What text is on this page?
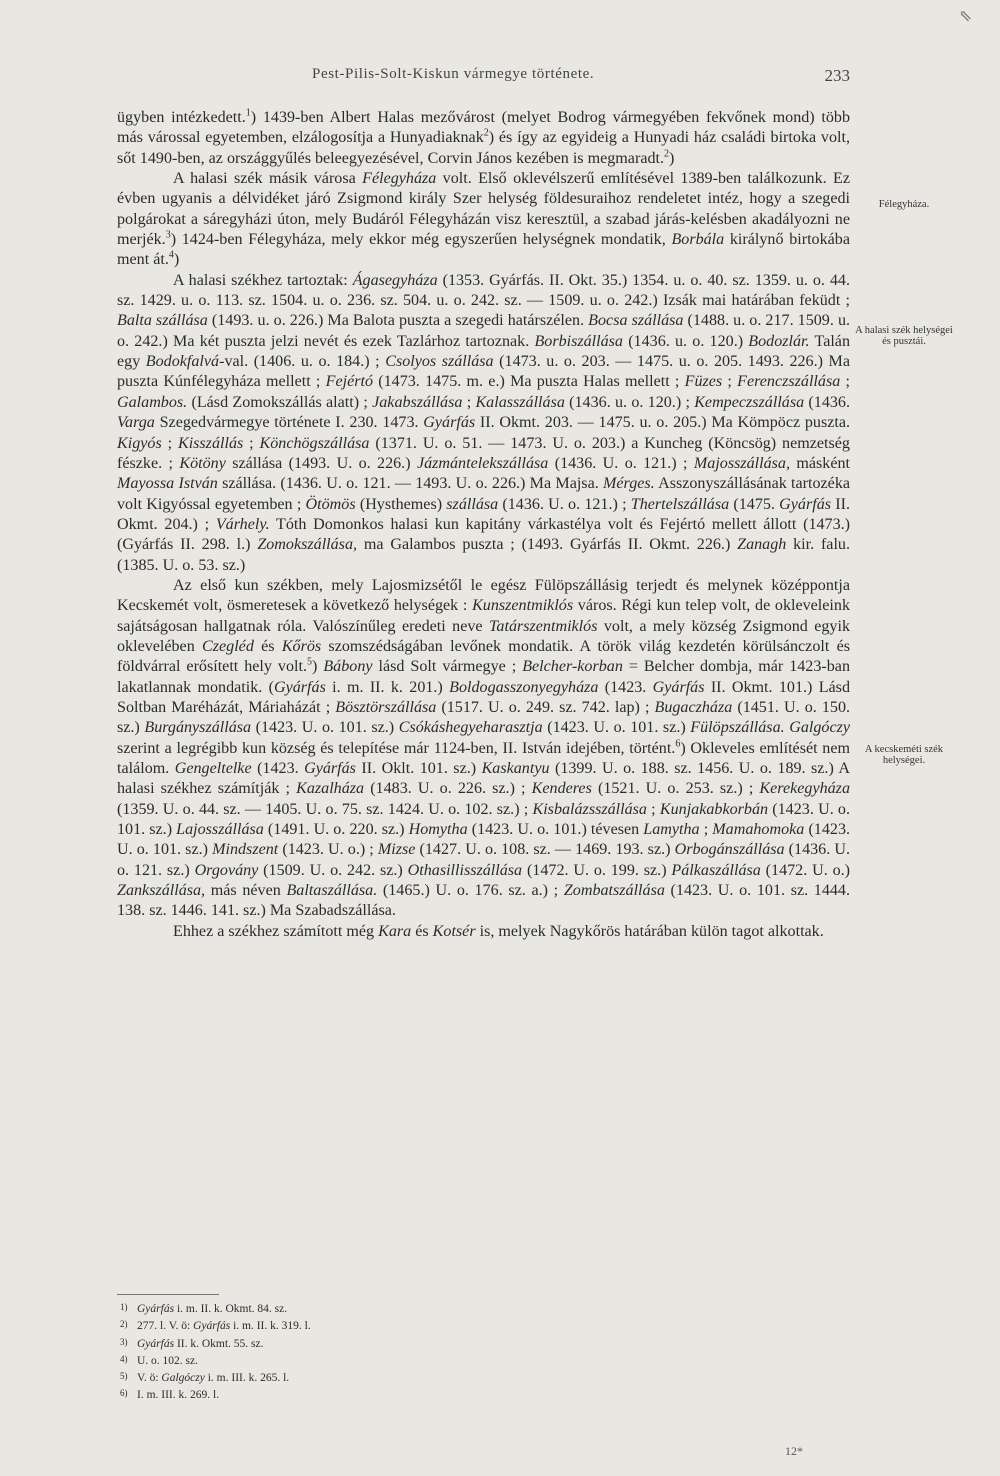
⇖
Pest-Pilis-Solt-Kiskun vármegye története.	233

ügyben intézkedett.$^1$) 1439-ben Albert Halas mezővárost (melyet Bodrog vármegyében fekvőnek mond) több más várossal egyetemben, elzálogosítja a Hunyadiaknak$^2$) és így az egyideig a Hunyadi ház családi birtoka volt, sőt 1490-ben, az országgyűlés beleegyezésével, Corvin János kezében is megmaradt.$^2$)

A halasi szék másik városa Félegyháza volt. Első oklevélszerű említésével 1389-ben találkozunk. Ez évben ugyanis a délvidéket járó Zsigmond király Szer helység földesuraihoz rendeletet intéz, hogy a szegedi polgárokat a sáregyházi úton, mely Budáról Félegyházán visz keresztül, a szabad járás-kelésben akadályozni ne merjék.$^3$) 1424-ben Félegyháza, mely ekkor még egyszerűen helységnek mondatik, Borbála királynő birtokába ment át.$^4$)

A halasi székhez tartoztak: Ágasegyháza (1353. Gyárfás. II. Okt. 35.) 1354. u. o. 40. sz. 1359. u. o. 44. sz. 1429. u. o. 113. sz. 1504. u. o. 236. sz. 504. u. o. 242. sz. — 1509. u. o. 242.) Izsák mai határában feküdt ; Balta szállása (1493. u. o. 226.) Ma Balota puszta a szegedi határszélen. Bocsa szállása (1488. u. o. 217. 1509. u. o. 242.) Ma két puszta jelzi nevét és ezek Tazlárhoz tartoznak. Borbiszállása (1436. u. o. 120.) Bodozlár. Talán egy Bodokfalvá-val. (1406. u. o. 184.) ; Csolyos szállása (1473. u. o. 203. — 1475. u. o. 205. 1493. 226.) Ma puszta Kúnfélegyháza mellett ; Fejértó (1473. 1475. m. e.) Ma puszta Halas mellett ; Füzes ; Ferenczszállása ; Galambos. (Lásd Zomokszállás alatt) ; Jakabszállása ; Kalasszállása (1436. u. o. 120.) ; Kempeczszállása (1436. Varga Szegedvármegye története I. 230. 1473. Gyárfás II. Okmt. 203. — 1475. u. o. 205.) Ma Kömpöcz puszta. Kigyós ; Kisszállás ; Könchögszállása (1371. U. o. 51. — 1473. U. o. 203.) a Kuncheg (Köncsög) nemzetség fészke. ; Kötöny szállása (1493. U. o. 226.) Jázmántelekszállása (1436. U. o. 121.) ; Majosszállása, másként Mayossa István szállása. (1436. U. o. 121. — 1493. U. o. 226.) Ma Majsa. Mérges. Asszonyszállásának tartozéka volt Kigyóssal egyetemben ; Ötömös (Hysthemes) szállása (1436. U. o. 121.) ; Thertelszállása (1475. Gyárfás II. Okmt. 204.) ; Várhely. Tóth Domonkos halasi kun kapitány várkastélya volt és Fejértó mellett állott (1473.) (Gyárfás II. 298. l.) Zomokszállása, ma Galambos puszta ; (1493. Gyárfás II. Okmt. 226.) Zanagh kir. falu. (1385. U. o. 53. sz.)

Az első kun székben, mely Lajosmizsétől le egész Fülöpszállásig terjedt és melynek középpontja Kecskemét volt, ösmeretesek a következő helységek : Kunszentmiklós város. Régi kun telep volt, de okleveleink sajátságosan hallgatnak róla. Valószínűleg eredeti neve Tatárszentmiklós volt, a mely község Zsigmond egyik oklevelében Czegléd és Kőrös szomszédságában levőnek mondatik. A török világ kezdetén körülsánczolt és földvárral erősített hely volt.$^5$) Bábony lásd Solt vármegye ; Belcher-korban = Belcher dombja, már 1423-ban lakatlannak mondatik. (Gyárfás i. m. II. k. 201.) Boldogasszonyegyháza (1423. Gyárfás II. Okmt. 101.) Lásd Soltban Maréházát, Máriaházát ; Bösztörszállása (1517. U. o. 249. sz. 742. lap) ; Bugaczháza (1451. U. o. 150. sz.) Burgányszállása (1423. U. o. 101. sz.) Csókáshegyeharasztja (1423. U. o. 101. sz.) Fülöpszállása. Galgóczy szerint a legrégibb kun község és telepítése már 1124-ben, II. István idejében, történt.$^6$) Okleveles említését nem találom. Gengeltelke (1423. Gyárfás II. Oklt. 101. sz.) Kaskantyu (1399. U. o. 188. sz. 1456. U. o. 189. sz.) A halasi székhez számítják ; Kazalháza (1483. U. o. 226. sz.) ; Kenderes (1521. U. o. 253. sz.) ; Kerekegyháza (1359. U. o. 44. sz. — 1405. U. o. 75. sz. 1424. U. o. 102. sz.) ; Kisbalázsszállása ; Kunjakabkorbán (1423. U. o. 101. sz.) Lajosszállása (1491. U. o. 220. sz.) Homytha (1423. U. o. 101.) tévesen Lamytha ; Mamahomoka (1423. U. o. 101. sz.) Mindszent (1423. U. o.) ; Mizse (1427. U. o. 108. sz. — 1469. 193. sz.) Orbogánszállása (1436. U. o. 121. sz.) Orgovány (1509. U. o. 242. sz.) Othasillisszállása (1472. U. o. 199. sz.) Pálkaszállása (1472. U. o.) Zankszállása, más néven Baltaszállása. (1465.) U. o. 176. sz. a.) ; Zombatszállása (1423. U. o. 101. sz. 1444. 138. sz. 1446. 141. sz.) Ma Szabadszállása.

Ehhez a székhez számított még Kara és Kotsér is, melyek Nagykőrös határában külön tagot alkottak.

Félegyháza.
A halasi szék helységei és pusztái.
A kecskeméti szék helységei.
1) Gyárfás i. m. II. k. Okmt. 84. sz.
2) 277. l. V. ö: Gyárfás i. m. II. k. 319. l.
3) Gyárfás II. k. Okmt. 55. sz.
4) U. o. 102. sz.
5) V. ö: Galgóczy i. m. III. k. 265. l.
6) I. m. III. k. 269. l.
12*
